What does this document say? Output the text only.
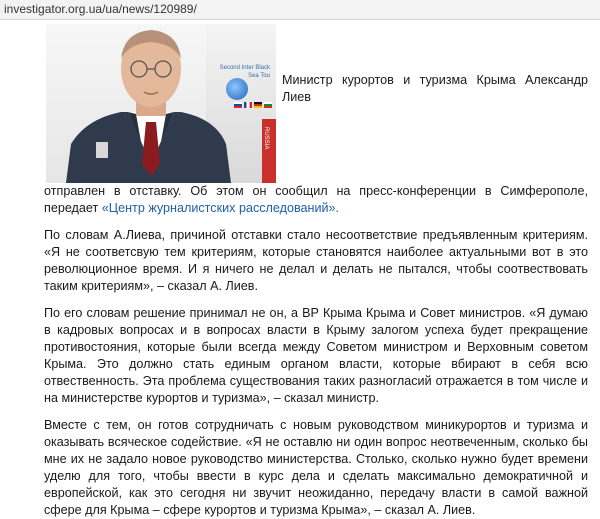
investigator.org.ua/ua/news/120989/
Second Inter Black Sea Tou
RUSSIA

Министр курортов и туризма Крыма Александр Лиев

отправлен в отставку. Об этом он сообщил на пресс-конференции в Симферополе, передает «Центр журналистских расследований».

По словам А.Лиева, причиной отставки стало несоответствие предъявленным критериям. «Я не соответсвую тем критериям, которые становятся наиболее актуальными вот в это революционное время. И я ничего не делал и делать не пытался, чтобы соотвествовать таким критериям», – сказал А. Лиев.

По его словам решение принимал не он, а ВР Крыма Крыма и Совет министров. «Я думаю в кадровых вопросах и в вопросах власти в Крыму залогом успеха будет прекращение противостояния, которые были всегда между Советом министром и Верховным советом Крыма. Это должно стать единым органом власти, которые вбирают в себя всю отвественность. Эта проблема существования таких разногласий отражается в том числе и на министерстве курортов и туризма», – сказал министр.

Вместе с тем, он готов сотрудничать с новым руководством миникурортов и туризма и оказывать всяческое содействие. «Я не оставлю ни один вопрос неотвеченным, сколько бы мне их не задало новое руководство министерства. Столько, сколько нужно будет времени уделю для того, чтобы ввести в курс дела и сделать максимально демократичной и европейской, как это сегодня ни звучит неожиданно, передачу власти в самой важной сфере для Крыма – сфере курортов и туризма Крыма», – сказал А. Лиев.
